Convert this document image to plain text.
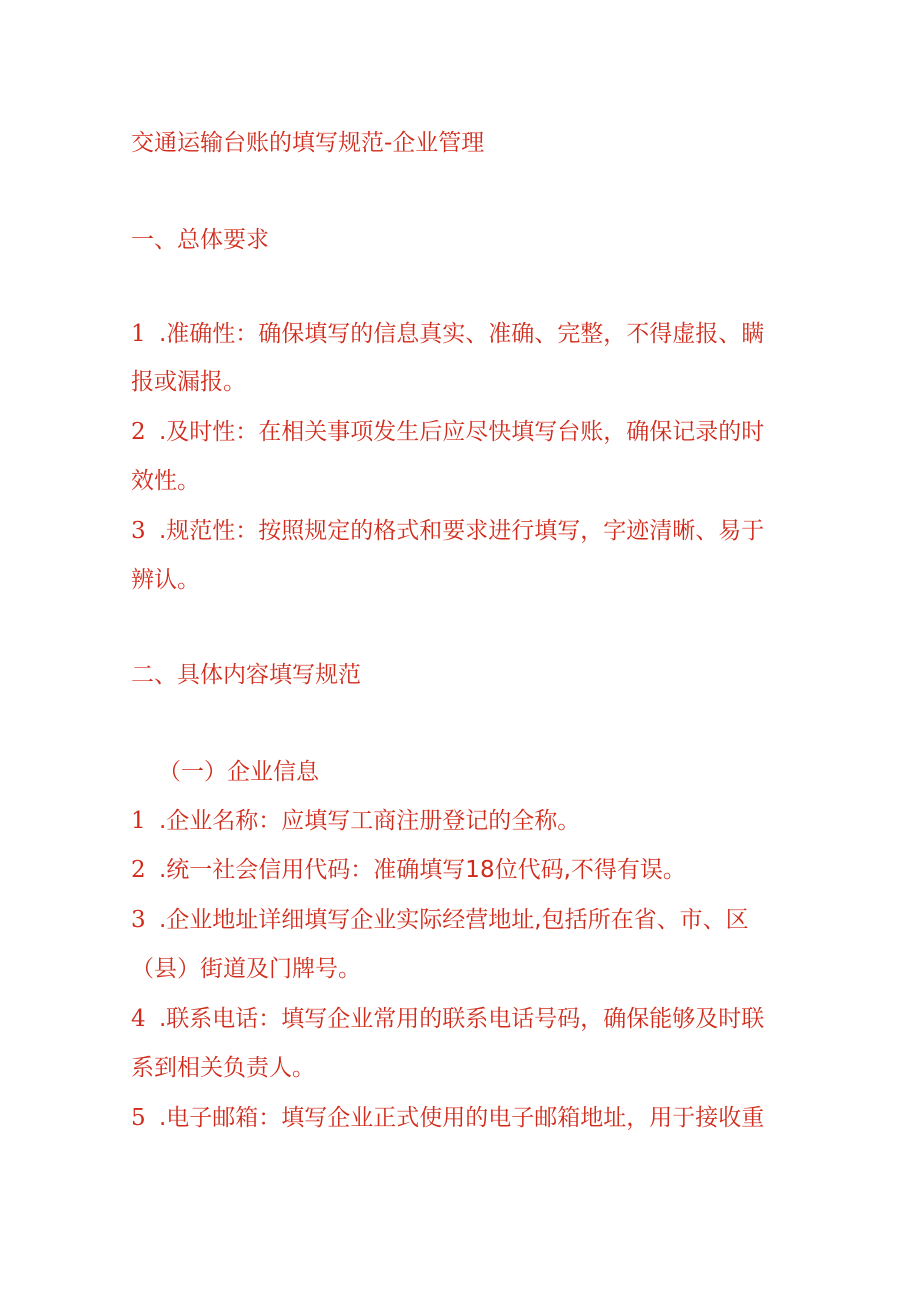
交通运输台账的填写规范-企业管理
一、总体要求
1 .准确性：确保填写的信息真实、准确、完整，不得虚报、瞒
报或漏报。
2 .及时性：在相关事项发生后应尽快填写台账，确保记录的时
效性。
3 .规范性：按照规定的格式和要求进行填写，字迹清晰、易于
辨认。
二、具体内容填写规范
（一）企业信息
1 .企业名称：应填写工商注册登记的全称。
2 .统一社会信用代码：准确填写18位代码,不得有误。
3 .企业地址详细填写企业实际经营地址,包括所在省、市、区
（县）街道及门牌号。
4 .联系电话：填写企业常用的联系电话号码，确保能够及时联
系到相关负责人。
5 .电子邮箱：填写企业正式使用的电子邮箱地址，用于接收重
